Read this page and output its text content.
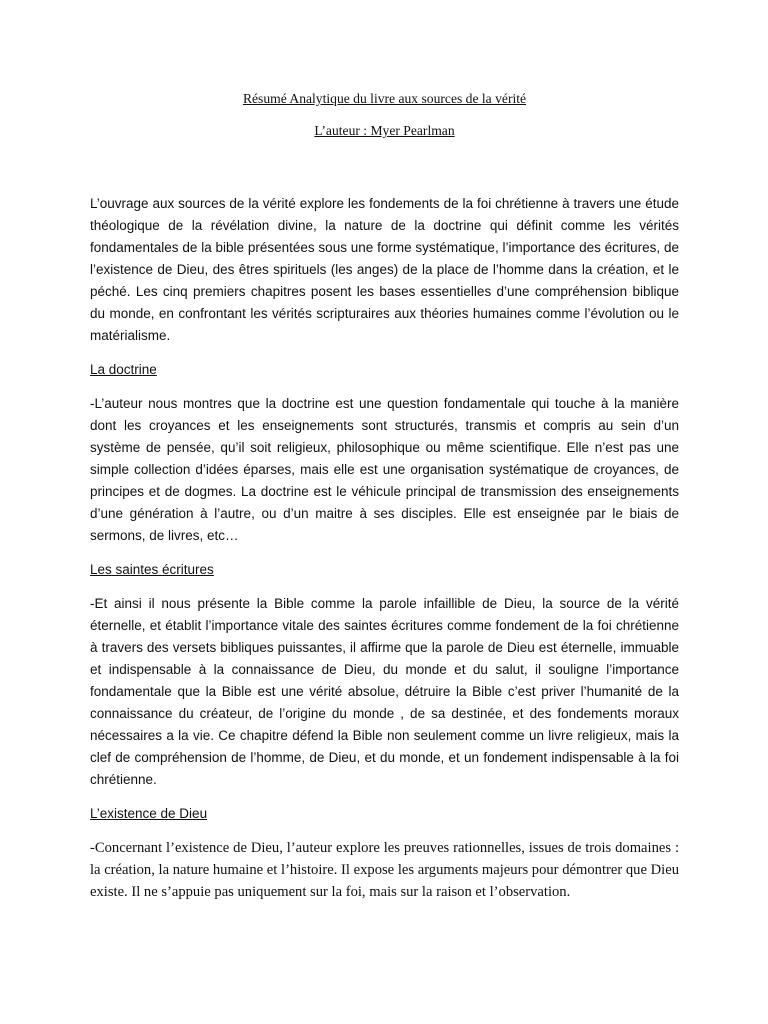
Résumé Analytique du livre aux sources de la vérité

L’auteur : Myer Pearlman

L’ouvrage aux sources de la vérité explore les fondements de la foi chrétienne à travers une étude théologique de la révélation divine, la nature de la doctrine qui définit comme les vérités fondamentales de la bible présentées sous une forme systématique, l’importance des écritures, de l’existence de Dieu, des êtres spirituels (les anges) de la place de l’homme dans la création, et le péché. Les cinq premiers chapitres posent les bases essentielles d’une compréhension biblique du monde, en confrontant les vérités scripturaires aux théories humaines comme l’évolution ou le matérialisme.

La doctrine

-L’auteur nous montres que la doctrine est une question fondamentale qui touche à la manière dont les croyances et les enseignements sont structurés, transmis et compris au sein d’un système de pensée, qu’il soit religieux, philosophique ou même scientifique. Elle n’est pas une simple collection d’idées éparses, mais elle est une organisation systématique de croyances, de principes et de dogmes. La doctrine est le véhicule principal de transmission des enseignements d’une génération à l’autre, ou d’un maitre à ses disciples. Elle est enseignée par le biais de sermons, de livres, etc…

Les saintes écritures

-Et ainsi il nous présente la Bible comme la parole infaillible de Dieu, la source de la vérité éternelle, et établit l’importance vitale des saintes écritures comme fondement de la foi chrétienne à travers des versets bibliques puissantes, il affirme que la parole de Dieu est éternelle, immuable et indispensable à la connaissance de Dieu, du monde et du salut, il souligne l’importance fondamentale que la Bible est une vérité absolue, détruire la Bible c’est priver l’humanité de la connaissance du créateur, de l’origine du monde , de sa destinée, et des fondements moraux nécessaires a la vie. Ce chapitre défend la Bible non seulement comme un livre religieux, mais la clef de compréhension de l’homme, de Dieu, et du monde, et un fondement indispensable à la foi chrétienne.

L’existence de Dieu

-Concernant l’existence de Dieu, l’auteur explore les preuves rationnelles, issues de trois domaines : la création, la nature humaine et l’histoire. Il expose les arguments majeurs pour démontrer que Dieu existe. Il ne s’appuie pas uniquement sur la foi, mais sur la raison et l’observation.
